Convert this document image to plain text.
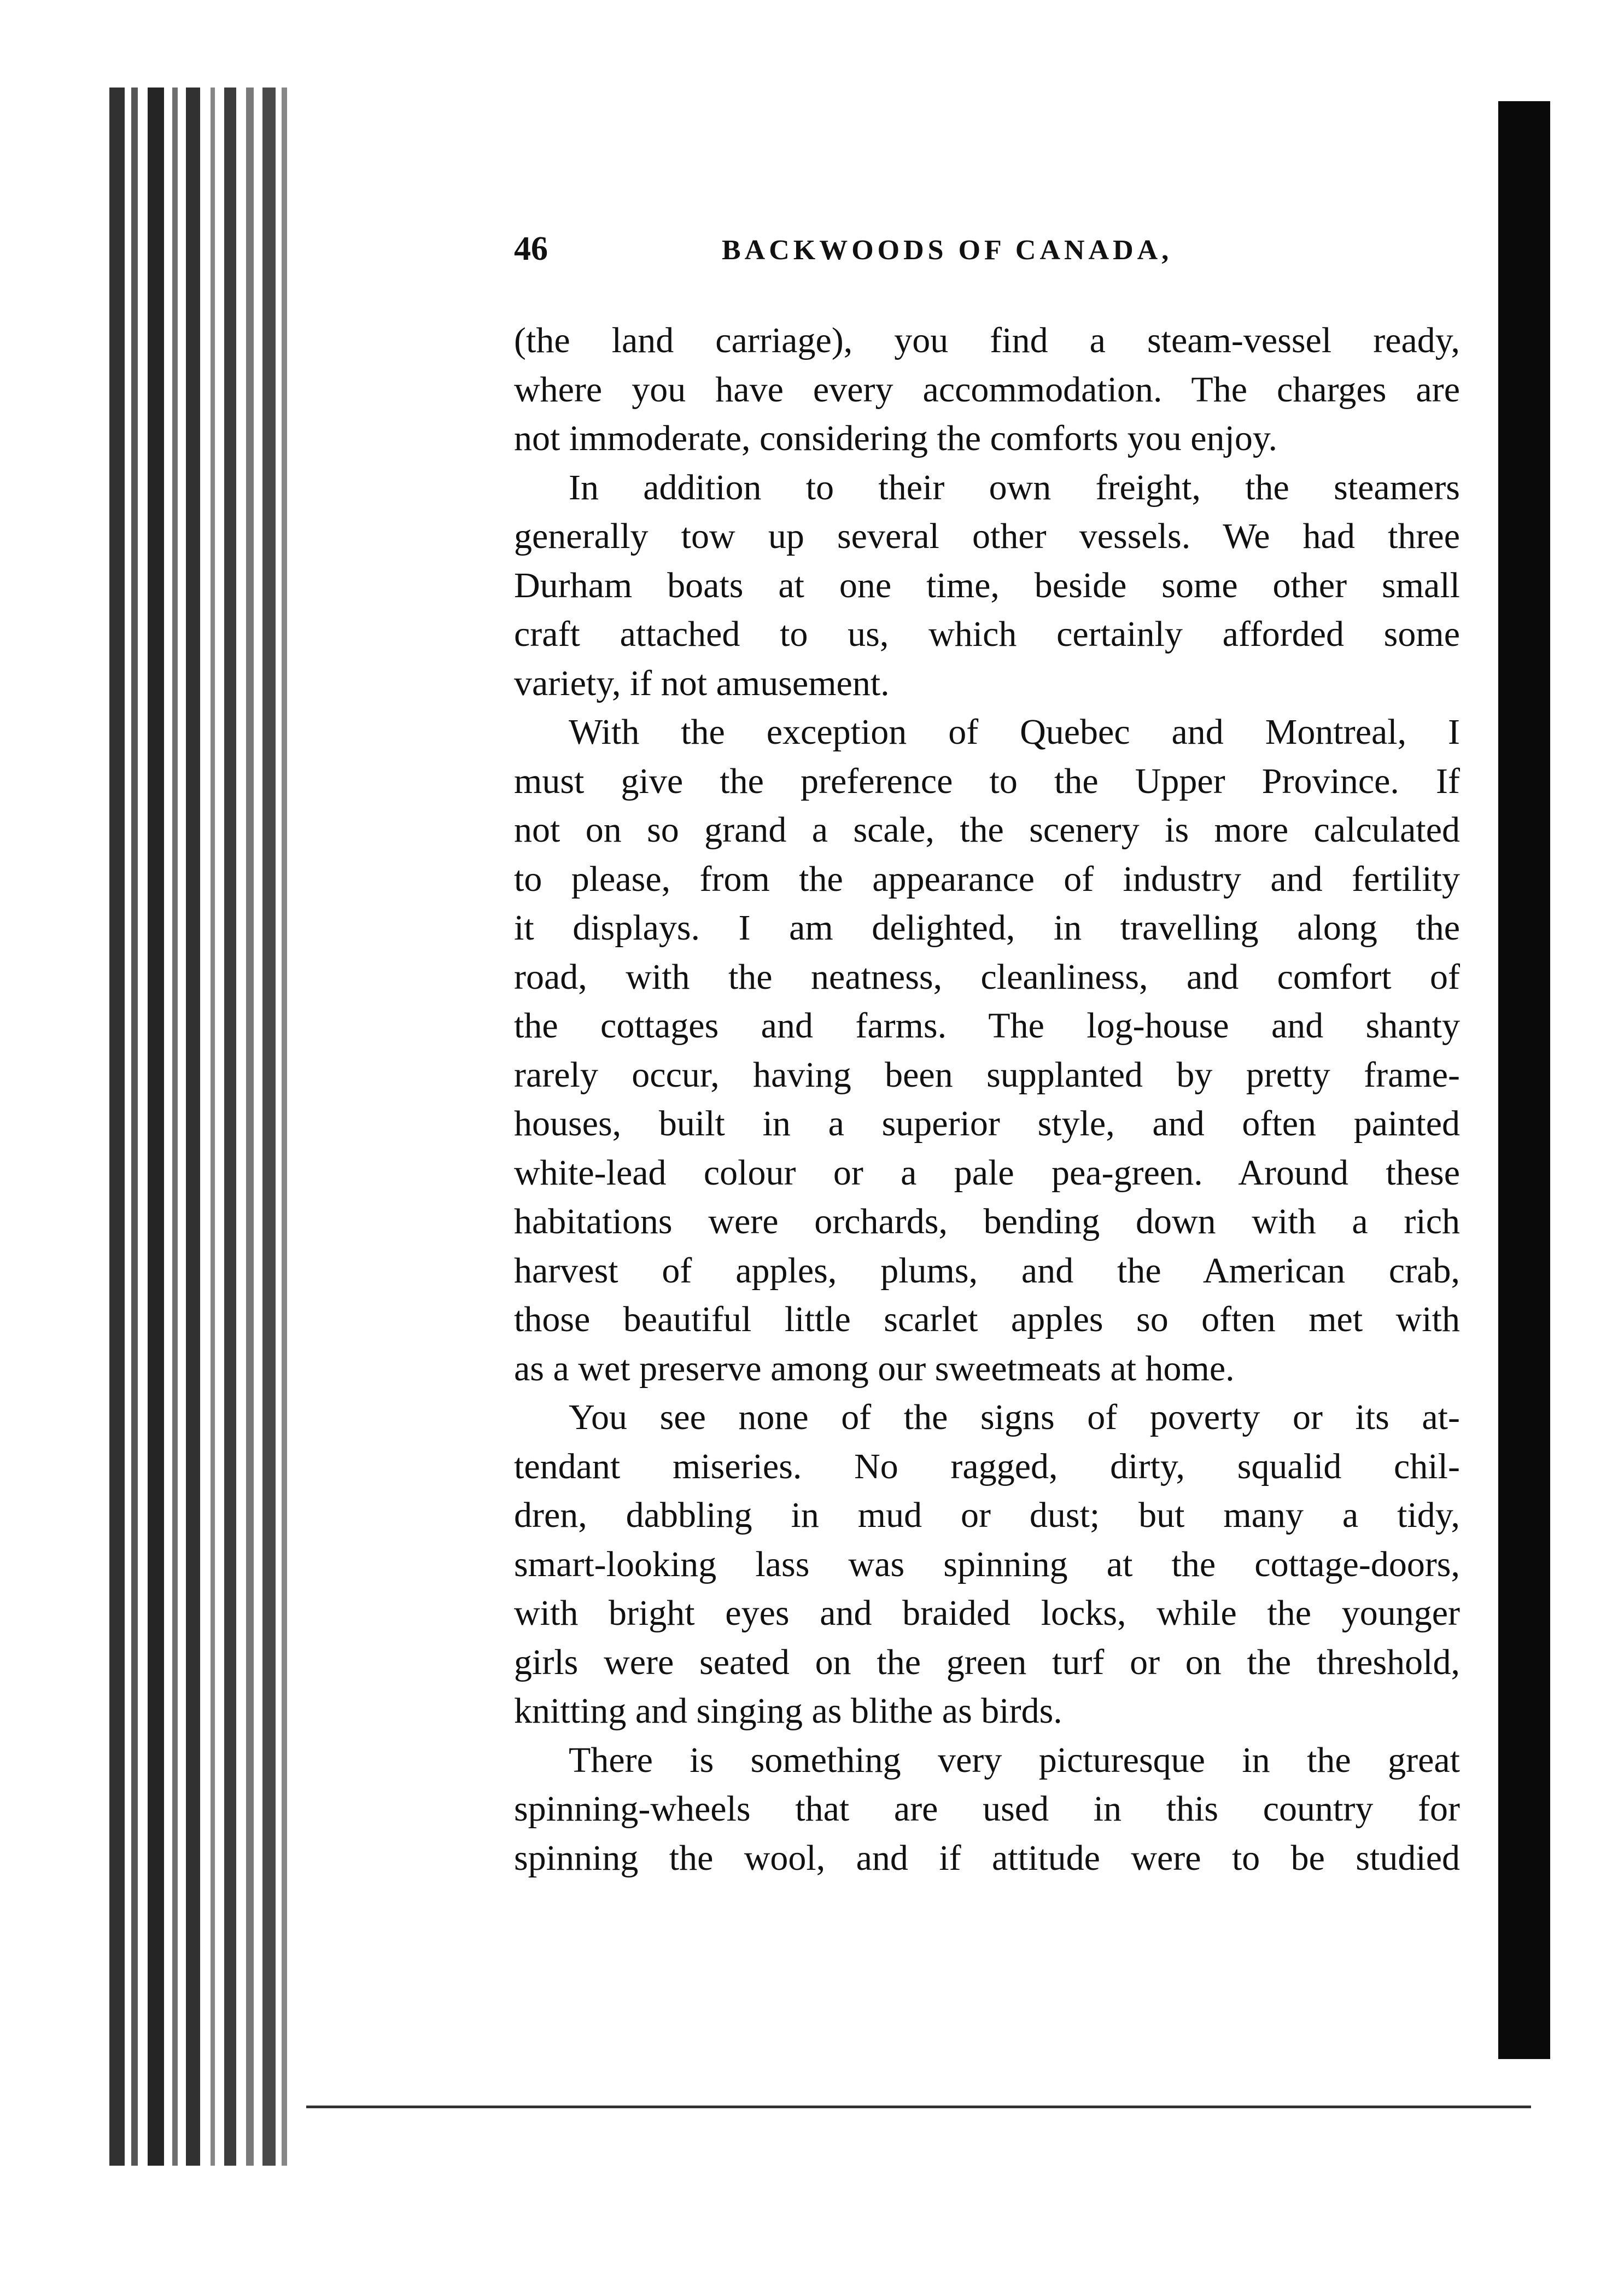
46	BACKWOODS OF CANADA,
(the land carriage), you find a steam-vessel ready,
where you have every accommodation. The charges are
not immoderate, considering the comforts you enjoy.
In addition to their own freight, the steamers
generally tow up several other vessels. We had three
Durham boats at one time, beside some other small
craft attached to us, which certainly afforded some
variety, if not amusement.
With the exception of Quebec and Montreal, I
must give the preference to the Upper Province. If
not on so grand a scale, the scenery is more calculated
to please, from the appearance of industry and fertility
it displays. I am delighted, in travelling along the
road, with the neatness, cleanliness, and comfort of
the cottages and farms. The log-house and shanty
rarely occur, having been supplanted by pretty frame-
houses, built in a superior style, and often painted
white-lead colour or a pale pea-green. Around these
habitations were orchards, bending down with a rich
harvest of apples, plums, and the American crab,
those beautiful little scarlet apples so often met with
as a wet preserve among our sweetmeats at home.
You see none of the signs of poverty or its at-
tendant miseries. No ragged, dirty, squalid chil-
dren, dabbling in mud or dust; but many a tidy,
smart-looking lass was spinning at the cottage-doors,
with bright eyes and braided locks, while the younger
girls were seated on the green turf or on the threshold,
knitting and singing as blithe as birds.
There is something very picturesque in the great
spinning-wheels that are used in this country for
spinning the wool, and if attitude were to be studied
